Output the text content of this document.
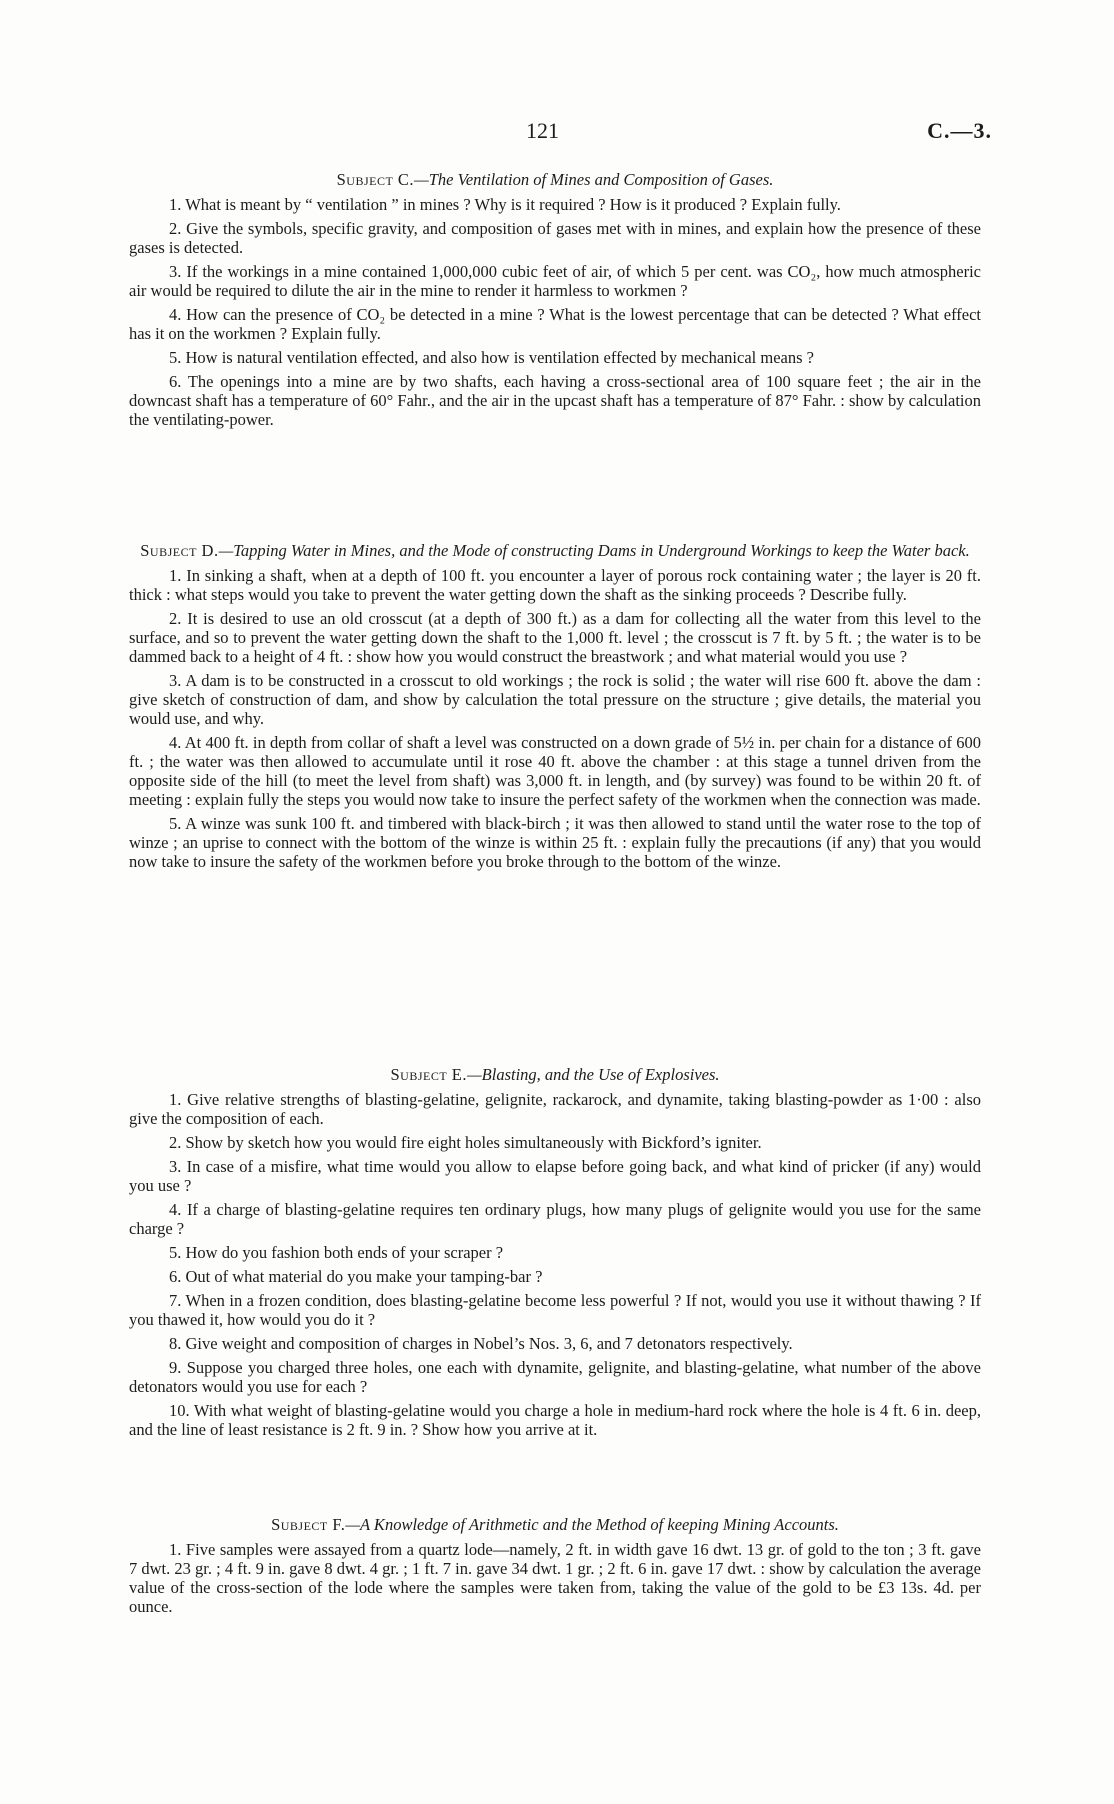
121	C.—3.

Subject C.—The Ventilation of Mines and Composition of Gases.

1. What is meant by “ ventilation ” in mines ? Why is it required ? How is it produced ? Explain fully.

2. Give the symbols, specific gravity, and composition of gases met with in mines, and explain how the presence of these gases is detected.

3. If the workings in a mine contained 1,000,000 cubic feet of air, of which 5 per cent. was CO₂, how much atmospheric air would be required to dilute the air in the mine to render it harmless to workmen ?

4. How can the presence of CO₂ be detected in a mine ? What is the lowest percentage that can be detected ? What effect has it on the workmen ? Explain fully.

5. How is natural ventilation effected, and also how is ventilation effected by mechanical means ?

6. The openings into a mine are by two shafts, each having a cross-sectional area of 100 square feet ; the air in the downcast shaft has a temperature of 60° Fahr., and the air in the upcast shaft has a temperature of 87° Fahr. : show by calculation the ventilating-power.

Subject D.—Tapping Water in Mines, and the Mode of constructing Dams in Underground Workings to keep the Water back.

1. In sinking a shaft, when at a depth of 100 ft. you encounter a layer of porous rock containing water ; the layer is 20 ft. thick : what steps would you take to prevent the water getting down the shaft as the sinking proceeds ? Describe fully.

2. It is desired to use an old crosscut (at a depth of 300 ft.) as a dam for collecting all the water from this level to the surface, and so to prevent the water getting down the shaft to the 1,000 ft. level ; the crosscut is 7 ft. by 5 ft. ; the water is to be dammed back to a height of 4 ft. : show how you would construct the breastwork ; and what material would you use ?

3. A dam is to be constructed in a crosscut to old workings ; the rock is solid ; the water will rise 600 ft. above the dam : give sketch of construction of dam, and show by calculation the total pressure on the structure ; give details, the material you would use, and why.

4. At 400 ft. in depth from collar of shaft a level was constructed on a down grade of 5½ in. per chain for a distance of 600 ft. ; the water was then allowed to accumulate until it rose 40 ft. above the chamber : at this stage a tunnel driven from the opposite side of the hill (to meet the level from shaft) was 3,000 ft. in length, and (by survey) was found to be within 20 ft. of meeting : explain fully the steps you would now take to insure the perfect safety of the workmen when the connection was made.

5. A winze was sunk 100 ft. and timbered with black-birch ; it was then allowed to stand until the water rose to the top of winze ; an uprise to connect with the bottom of the winze is within 25 ft. : explain fully the precautions (if any) that you would now take to insure the safety of the workmen before you broke through to the bottom of the winze.

Subject E.—Blasting, and the Use of Explosives.

1. Give relative strengths of blasting-gelatine, gelignite, rackarock, and dynamite, taking blasting-powder as 1·00 : also give the composition of each.

2. Show by sketch how you would fire eight holes simultaneously with Bickford’s igniter.

3. In case of a misfire, what time would you allow to elapse before going back, and what kind of pricker (if any) would you use ?

4. If a charge of blasting-gelatine requires ten ordinary plugs, how many plugs of gelignite would you use for the same charge ?

5. How do you fashion both ends of your scraper ?

6. Out of what material do you make your tamping-bar ?

7. When in a frozen condition, does blasting-gelatine become less powerful ? If not, would you use it without thawing ? If you thawed it, how would you do it ?

8. Give weight and composition of charges in Nobel’s Nos. 3, 6, and 7 detonators respectively.

9. Suppose you charged three holes, one each with dynamite, gelignite, and blasting-gelatine, what number of the above detonators would you use for each ?

10. With what weight of blasting-gelatine would you charge a hole in medium-hard rock where the hole is 4 ft. 6 in. deep, and the line of least resistance is 2 ft. 9 in. ? Show how you arrive at it.

Subject F.—A Knowledge of Arithmetic and the Method of keeping Mining Accounts.

1. Five samples were assayed from a quartz lode—namely, 2 ft. in width gave 16 dwt. 13 gr. of gold to the ton ; 3 ft. gave 7 dwt. 23 gr. ; 4 ft. 9 in. gave 8 dwt. 4 gr. ; 1 ft. 7 in. gave 34 dwt. 1 gr. ; 2 ft. 6 in. gave 17 dwt. : show by calculation the average value of the cross-section of the lode where the samples were taken from, taking the value of the gold to be £3 13s. 4d. per ounce.
